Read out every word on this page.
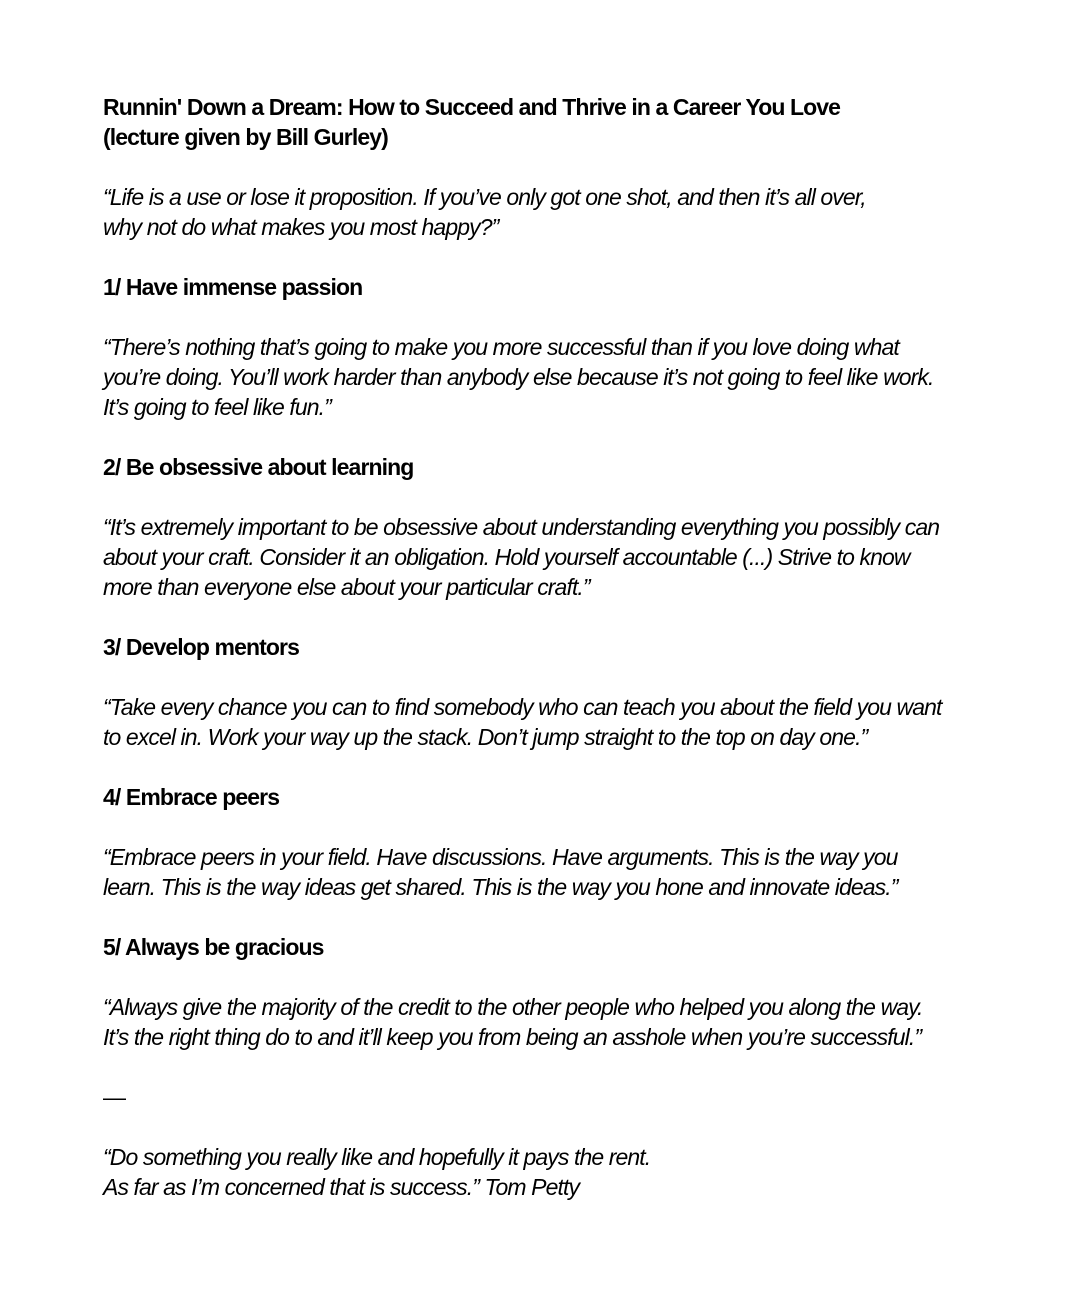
Runnin' Down a Dream: How to Succeed and Thrive in a Career You Love
(lecture given by Bill Gurley)
“Life is a use or lose it proposition. If you’ve only got one shot, and then it’s all over,
why not do what makes you most happy?”
1/ Have immense passion
“There’s nothing that’s going to make you more successful than if you love doing what
you’re doing. You’ll work harder than anybody else because it’s not going to feel like work.
It’s going to feel like fun.”
2/ Be obsessive about learning
“It’s extremely important to be obsessive about understanding everything you possibly can
about your craft. Consider it an obligation. Hold yourself accountable (...) Strive to know
more than everyone else about your particular craft.”
3/ Develop mentors
“Take every chance you can to find somebody who can teach you about the field you want
to excel in. Work your way up the stack. Don’t jump straight to the top on day one.”
4/ Embrace peers
“Embrace peers in your field. Have discussions. Have arguments. This is the way you
learn. This is the way ideas get shared. This is the way you hone and innovate ideas.”
5/ Always be gracious
“Always give the majority of the credit to the other people who helped you along the way.
It’s the right thing do to and it’ll keep you from being an asshole when you’re successful.”
—
“Do something you really like and hopefully it pays the rent.
As far as I’m concerned that is success.” Tom Petty
